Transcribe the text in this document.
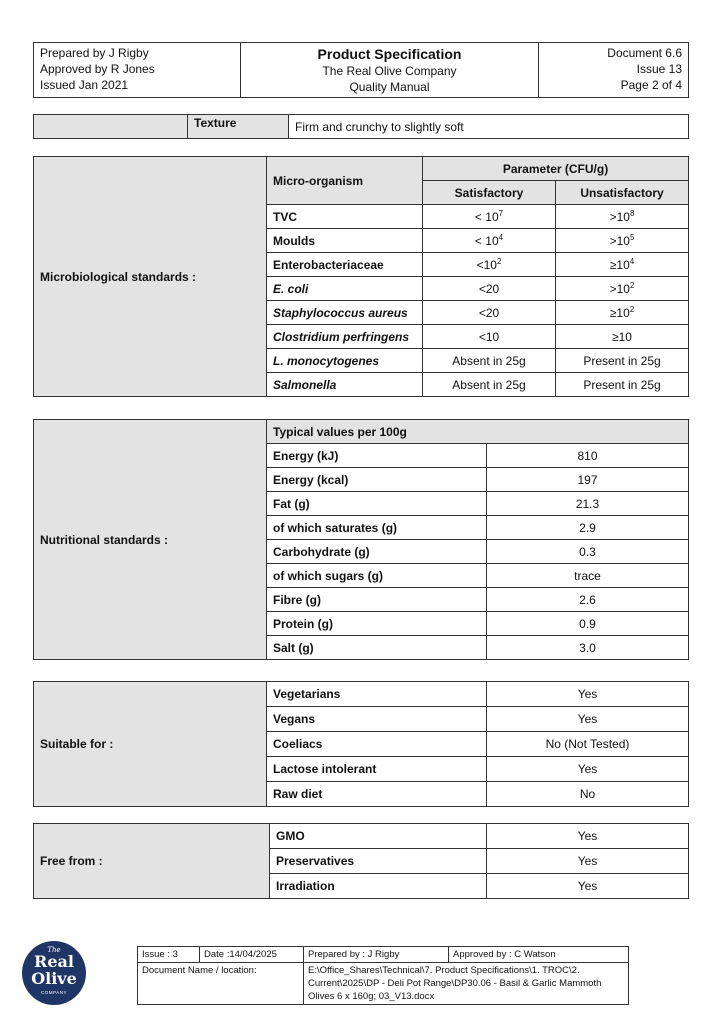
Prepared by J Rigby
Approved by R Jones
Issued Jan 2021

Product Specification
The Real Olive Company
Quality Manual

Document 6.6
Issue 13
Page 2 of 4
	Texture	Firm and crunchy to slightly soft
Microbiological standards :	Micro-organism	Parameter (CFU/g)	
		Satisfactory	Unsatisfactory
	TVC	< $10^7$	$>10^8$
	Moulds	< $10^4$	$>10^5$
	Enterobacteriaceae	$<10^2$	$\ge 10^4$
	E. coli	<20	$>10^2$
	Staphylococcus aureus	<20	$\ge 10^2$
	Clostridium perfringens	<10	≥10
	L. monocytogenes	Absent in 25g	Present in 25g
	Salmonella	Absent in 25g	Present in 25g
Nutritional standards :	Typical values per 100g	
	Energy (kJ)	810
	Energy (kcal)	197
	Fat (g)	21.3
	of which saturates (g)	2.9
	Carbohydrate (g)	0.3
	of which sugars (g)	trace
	Fibre (g)	2.6
	Protein (g)	0.9
	Salt (g)	3.0
Suitable for :	Vegetarians	Yes
	Vegans	Yes
	Coeliacs	No (Not Tested)
	Lactose intolerant	Yes
	Raw diet	No
Free from :	GMO	Yes
	Preservatives	Yes
	Irradiation	Yes
The
Real
Olive
COMPANY
Issue : 3	Date :14/04/2025	Prepared by : J Rigby	Approved by : C Watson
Document Name / location:		E:\Office_Shares\Technical\7. Product Specifications\1. TROC\2. Current\2025\DP - Deli Pot Range\DP30.06 - Basil & Garlic Mammoth Olives 6 x 160g; 03_V13.docx	
